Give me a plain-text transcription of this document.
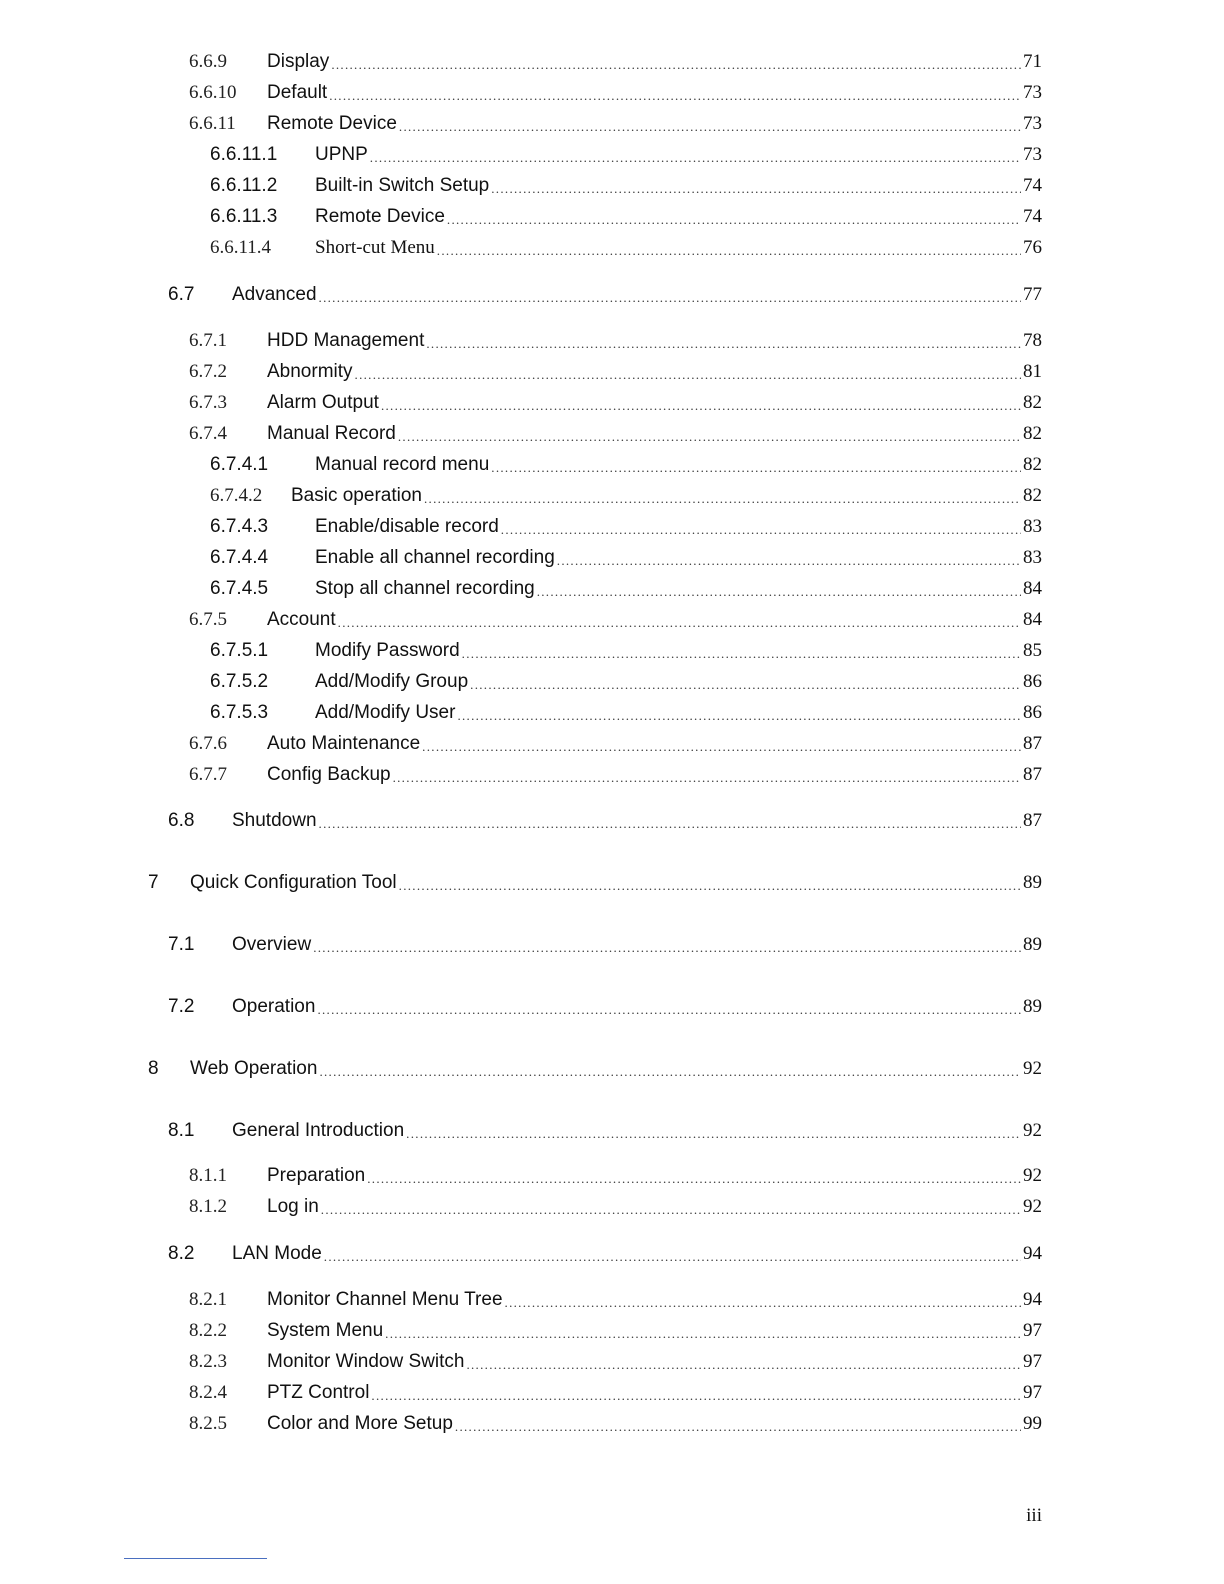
6.6.9	Display .....	71
6.6.10	Default .....	73
6.6.11	Remote Device .....	73
6.6.11.1	UPNP .....	73
6.6.11.2	Built-in Switch Setup .....	74
6.6.11.3	Remote Device .....	74
6.6.11.4	Short-cut Menu .....	76
6.7	Advanced .....	77
6.7.1	HDD Management .....	78
6.7.2	Abnormity .....	81
6.7.3	Alarm Output .....	82
6.7.4	Manual Record .....	82
6.7.4.1	Manual record menu .....	82
6.7.4.2	Basic operation .....	82
6.7.4.3	Enable/disable record .....	83
6.7.4.4	Enable all channel recording .....	83
6.7.4.5	Stop all channel recording .....	84
6.7.5	Account .....	84
6.7.5.1	Modify Password .....	85
6.7.5.2	Add/Modify Group .....	86
6.7.5.3	Add/Modify User .....	86
6.7.6	Auto Maintenance .....	87
6.7.7	Config Backup .....	87
6.8	Shutdown .....	87
7	Quick Configuration Tool .....	89
7.1	Overview .....	89
7.2	Operation .....	89
8	Web Operation .....	92
8.1	General Introduction .....	92
8.1.1	Preparation .....	92
8.1.2	Log in .....	92
8.2	LAN Mode .....	94
8.2.1	Monitor Channel Menu Tree .....	94
8.2.2	System Menu .....	97
8.2.3	Monitor Window Switch .....	97
8.2.4	PTZ Control .....	97
8.2.5	Color and More Setup .....	99
iii
